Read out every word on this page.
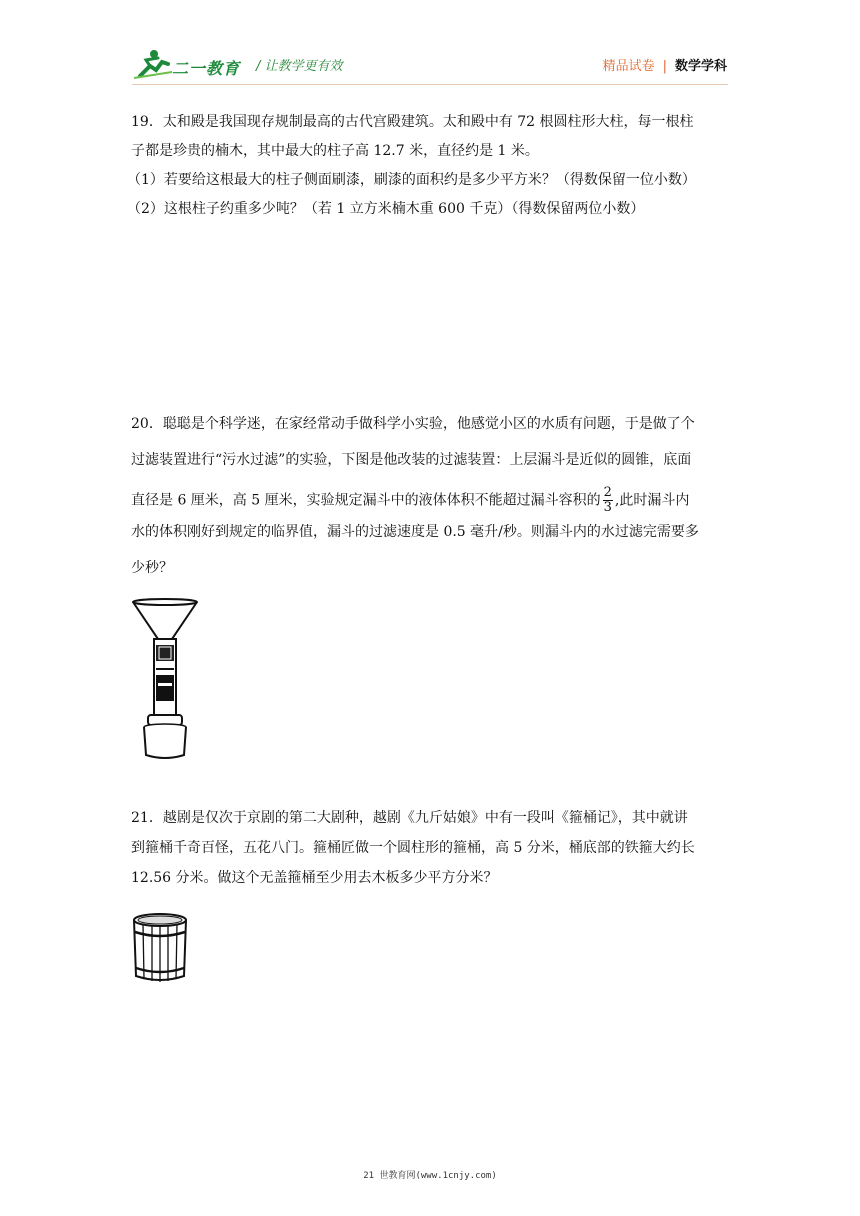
二一教育 / 让教学更有效	精品试卷 | 数学学科
19．太和殿是我国现存规制最高的古代宫殿建筑。太和殿中有 72 根圆柱形大柱，每一根柱
子都是珍贵的楠木，其中最大的柱子高 12.7 米，直径约是 1 米。
（1）若要给这根最大的柱子侧面刷漆，刷漆的面积约是多少平方米？（得数保留一位小数）
（2）这根柱子约重多少吨？（若 1 立方米楠木重 600 千克）（得数保留两位小数）
20．聪聪是个科学迷，在家经常动手做科学小实验，他感觉小区的水质有问题，于是做了个
过滤装置进行“污水过滤”的实验，下图是他改装的过滤装置：上层漏斗是近似的圆锥，底面
直径是 6 厘米，高 5 厘米，实验规定漏斗中的液体体积不能超过漏斗容积的 $\frac{2}{3}$ ,此时漏斗内
水的体积刚好到规定的临界值，漏斗的过滤速度是 0.5 毫升/秒。则漏斗内的水过滤完需要多
少秒？
21．越剧是仅次于京剧的第二大剧种，越剧《九斤姑娘》中有一段叫《箍桶记》，其中就讲
到箍桶千奇百怪，五花八门。箍桶匠做一个圆柱形的箍桶，高 5 分米，桶底部的铁箍大约长
12.56 分米。做这个无盖箍桶至少用去木板多少平方分米？
21 世教育网(www.1cnjy.com)
